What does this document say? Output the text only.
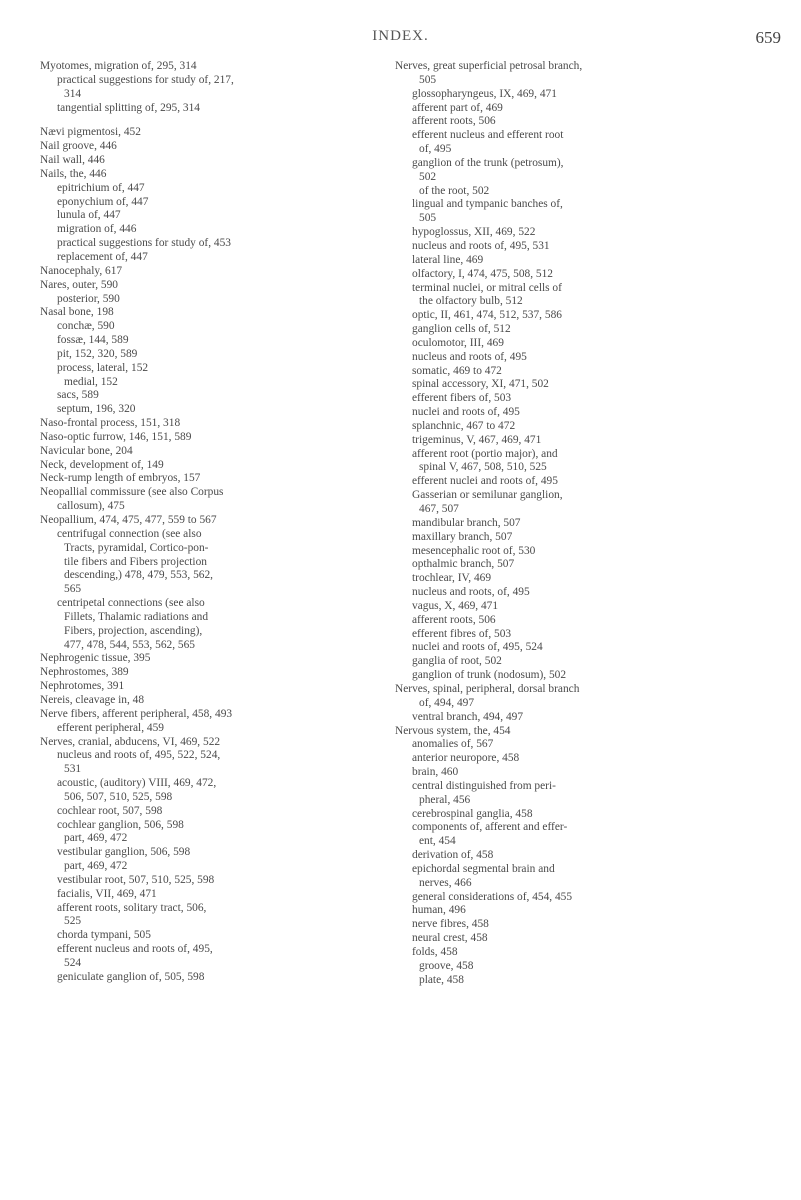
INDEX.	659
Myotomes, migration of, 295, 314
practical suggestions for study of, 217,
314
tangential splitting of, 295, 314
Nævi pigmentosi, 452
Nail groove, 446
Nail wall, 446
Nails, the, 446
epitrichium of, 447
eponychium of, 447
lunula of, 447
migration of, 446
practical suggestions for study of, 453
replacement of, 447
Nanocephaly, 617
Nares, outer, 590
posterior, 590
Nasal bone, 198
conchæ, 590
fossæ, 144, 589
pit, 152, 320, 589
process, lateral, 152
medial, 152
sacs, 589
septum, 196, 320
Naso-frontal process, 151, 318
Naso-optic furrow, 146, 151, 589
Navicular bone, 204
Neck, development of, 149
Neck-rump length of embryos, 157
Neopallial commissure (see also Corpus
callosum), 475
Neopallium, 474, 475, 477, 559 to 567
centrifugal connection (see also
Tracts, pyramidal, Cortico-pon-
tile fibers and Fibers projection
descending,) 478, 479, 553, 562,
565
centripetal connections (see also
Fillets, Thalamic radiations and
Fibers, projection, ascending),
477, 478, 544, 553, 562, 565
Nephrogenic tissue, 395
Nephrostomes, 389
Nephrotomes, 391
Nereis, cleavage in, 48
Nerve fibers, afferent peripheral, 458, 493
efferent peripheral, 459
Nerves, cranial, abducens, VI, 469, 522
nucleus and roots of, 495, 522, 524,
531
acoustic, (auditory) VIII, 469, 472,
506, 507, 510, 525, 598
cochlear root, 507, 598
cochlear ganglion, 506, 598
part, 469, 472
vestibular ganglion, 506, 598
part, 469, 472
vestibular root, 507, 510, 525, 598
facialis, VII, 469, 471
afferent roots, solitary tract, 506,
525
chorda tympani, 505
efferent nucleus and roots of, 495,
524
geniculate ganglion of, 505, 598
Nerves, great superficial petrosal branch,
505
glossopharyngeus, IX, 469, 471
afferent part of, 469
afferent roots, 506
efferent nucleus and efferent root
of, 495
ganglion of the trunk (petrosum),
502
of the root, 502
lingual and tympanic banches of,
505
hypoglossus, XII, 469, 522
nucleus and roots of, 495, 531
lateral line, 469
olfactory, I, 474, 475, 508, 512
terminal nuclei, or mitral cells of
the olfactory bulb, 512
optic, II, 461, 474, 512, 537, 586
ganglion cells of, 512
oculomotor, III, 469
nucleus and roots of, 495
somatic, 469 to 472
spinal accessory, XI, 471, 502
efferent fibers of, 503
nuclei and roots of, 495
splanchnic, 467 to 472
trigeminus, V, 467, 469, 471
afferent root (portio major), and
spinal V, 467, 508, 510, 525
efferent nuclei and roots of, 495
Gasserian or semilunar ganglion,
467, 507
mandibular branch, 507
maxillary branch, 507
mesencephalic root of, 530
opthalmic branch, 507
trochlear, IV, 469
nucleus and roots, of, 495
vagus, X, 469, 471
afferent roots, 506
efferent fibres of, 503
nuclei and roots of, 495, 524
ganglia of root, 502
ganglion of trunk (nodosum), 502
Nerves, spinal, peripheral, dorsal branch
of, 494, 497
ventral branch, 494, 497
Nervous system, the, 454
anomalies of, 567
anterior neuropore, 458
brain, 460
central distinguished from peri-
pheral, 456
cerebrospinal ganglia, 458
components of, afferent and effer-
ent, 454
derivation of, 458
epichordal segmental brain and
nerves, 466
general considerations of, 454, 455
human, 496
nerve fibres, 458
neural crest, 458
folds, 458
groove, 458
plate, 458
